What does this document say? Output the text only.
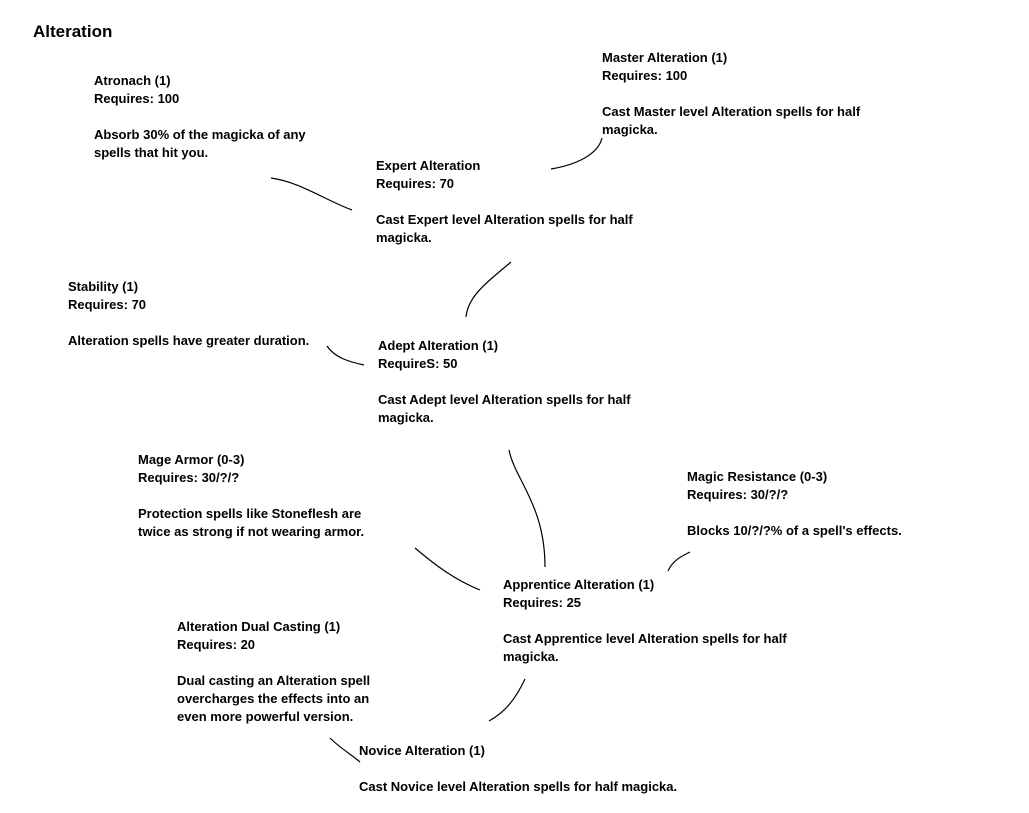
Alteration
Atronach (1)
Requires: 100
Absorb 30% of the magicka of any spells that hit you.
Master Alteration (1)
Requires: 100
Cast Master level Alteration spells for half magicka.
Expert Alteration
Requires: 70
Cast Expert level Alteration spells for half magicka.
Stability (1)
Requires: 70
Alteration spells have greater duration.	Adept Alteration (1)
RequireS: 50
Cast Adept level Alteration spells for half magicka.
Mage Armor (0-3)
Requires: 30/?/?
Protection spells like Stoneflesh are twice as strong if not wearing armor.
Magic Resistance (0-3)
Requires: 30/?/?
Blocks 10/?/?% of a spell's effects.
Apprentice Alteration (1)
Requires: 25
Cast Apprentice level Alteration spells for half magicka.
Alteration Dual Casting (1)
Requires: 20
Dual casting an Alteration spell overcharges the effects into an even more powerful version.
Novice Alteration (1)
Cast Novice level Alteration spells for half magicka.
